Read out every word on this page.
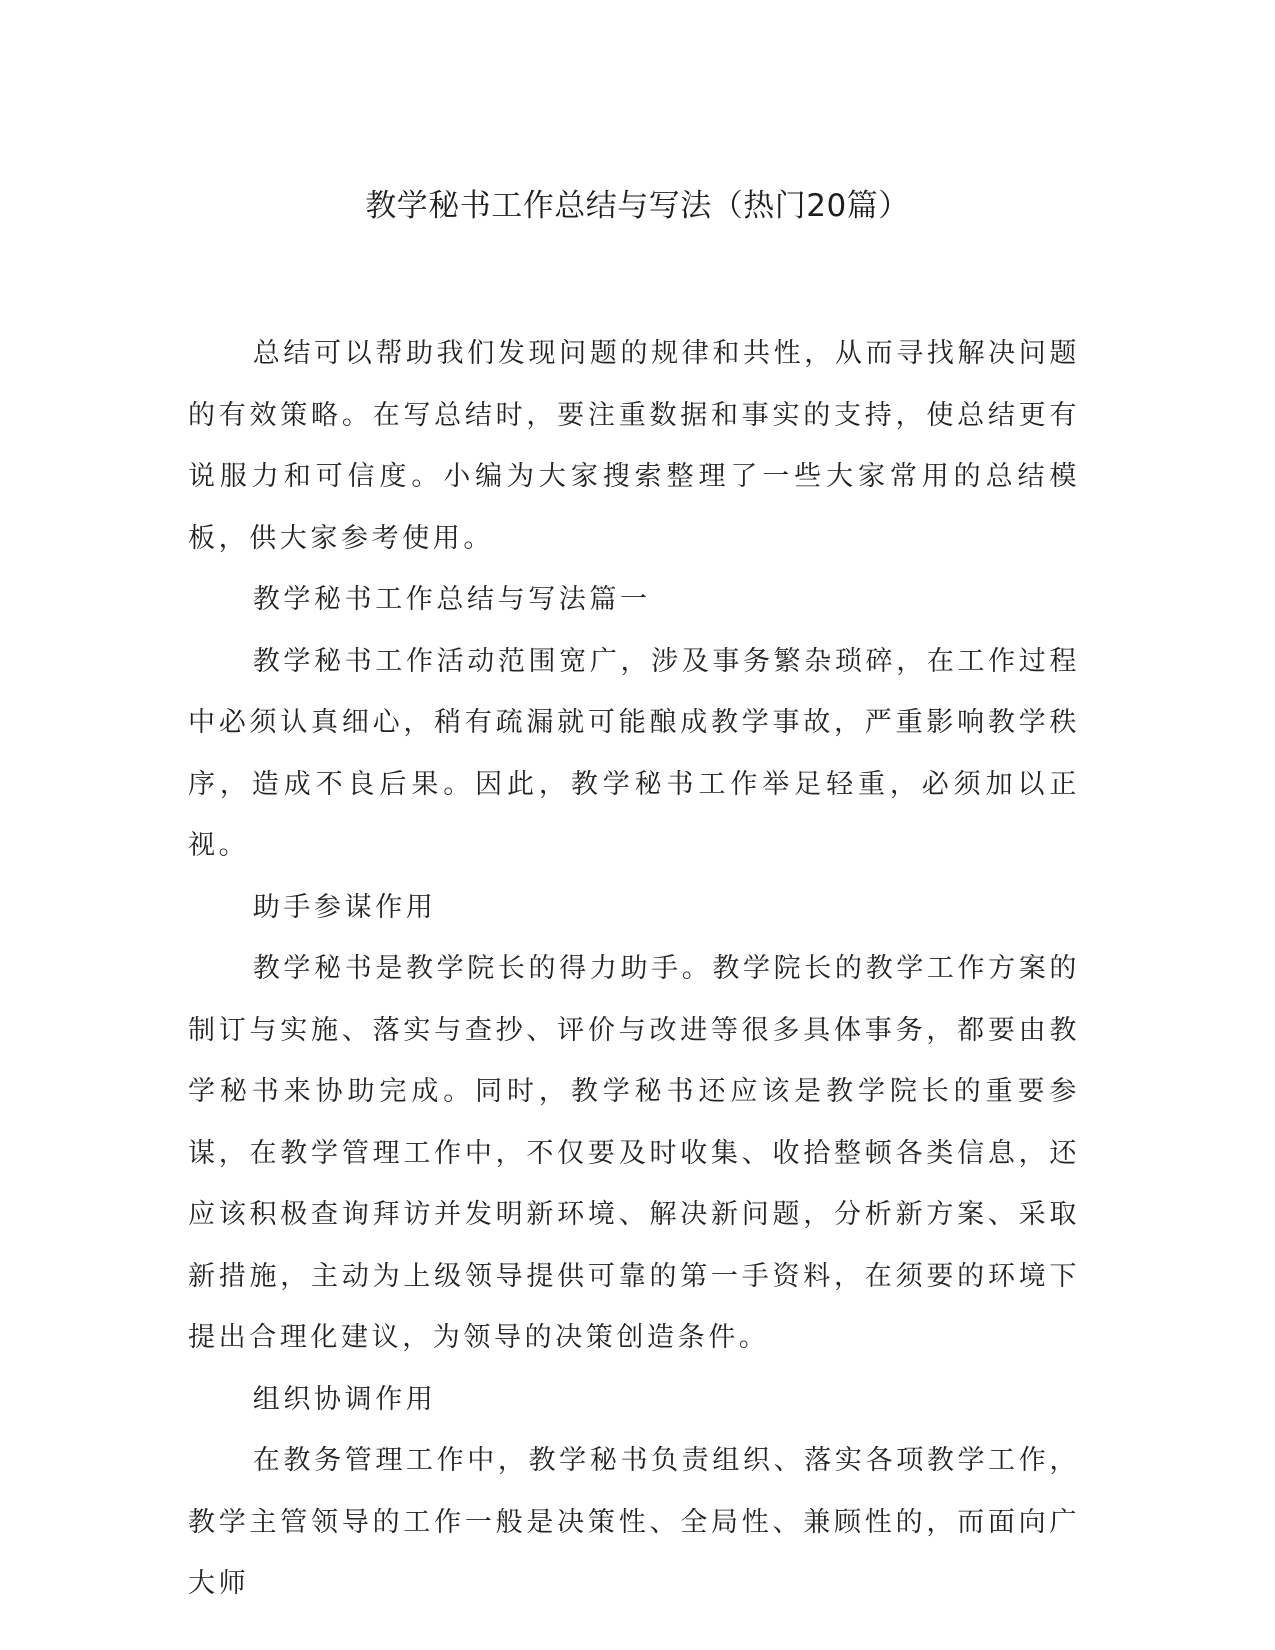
教学秘书工作总结与写法（热门20篇）

总结可以帮助我们发现问题的规律和共性，从而寻找解决问题的有效策略。在写总结时，要注重数据和事实的支持，使总结更有说服力和可信度。小编为大家搜索整理了一些大家常用的总结模板，供大家参考使用。

教学秘书工作总结与写法篇一

教学秘书工作活动范围宽广，涉及事务繁杂琐碎，在工作过程中必须认真细心，稍有疏漏就可能酿成教学事故，严重影响教学秩序，造成不良后果。因此，教学秘书工作举足轻重，必须加以正视。

助手参谋作用

教学秘书是教学院长的得力助手。教学院长的教学工作方案的制订与实施、落实与查抄、评价与改进等很多具体事务，都要由教学秘书来协助完成。同时，教学秘书还应该是教学院长的重要参谋，在教学管理工作中，不仅要及时收集、收拾整顿各类信息，还应该积极查询拜访并发明新环境、解决新问题，分析新方案、采取新措施，主动为上级领导提供可靠的第一手资料，在须要的环境下提出合理化建议，为领导的决策创造条件。

组织协调作用

在教务管理工作中，教学秘书负责组织、落实各项教学工作，教学主管领导的工作一般是决策性、全局性、兼顾性的，而面向广大师
